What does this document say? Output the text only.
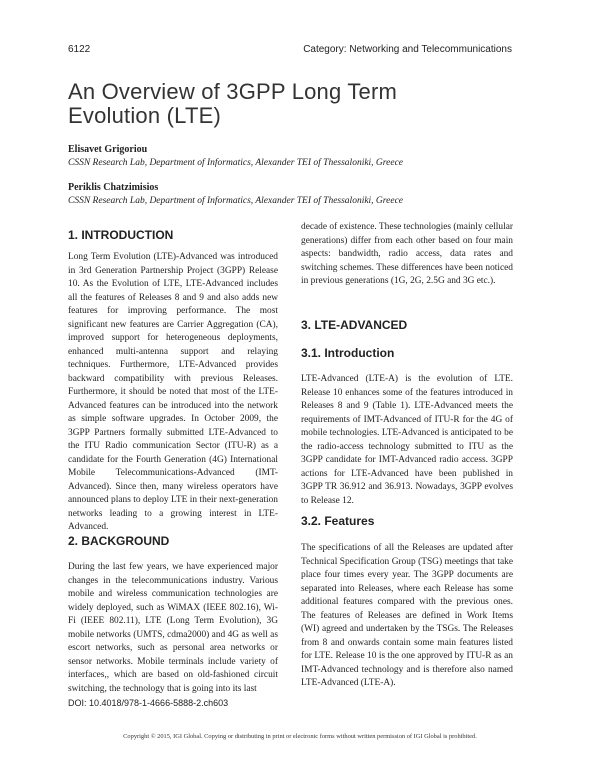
6122	Category: Networking and Telecommunications
An Overview of 3GPP Long Term Evolution (LTE)
Elisavet Grigoriou
CSSN Research Lab, Department of Informatics, Alexander TEI of Thessaloniki, Greece
Periklis Chatzimisios
CSSN Research Lab, Department of Informatics, Alexander TEI of Thessaloniki, Greece
1. INTRODUCTION
Long Term Evolution (LTE)-Advanced was introduced in 3rd Generation Partnership Project (3GPP) Release 10. As the Evolution of LTE, LTE-Advanced includes all the features of Releases 8 and 9 and also adds new features for improving performance. The most significant new features are Carrier Aggregation (CA), improved support for heterogeneous deployments, enhanced multi-antenna support and relaying techniques. Furthermore, LTE-Advanced provides backward compatibility with previous Releases. Furthermore, it should be noted that most of the LTE-Advanced features can be introduced into the network as simple software upgrades. In October 2009, the 3GPP Partners formally submitted LTE-Advanced to the ITU Radio communication Sector (ITU-R) as a candidate for the Fourth Generation (4G) International Mobile Telecommunications-Advanced (IMT-Advanced). Since then, many wireless operators have announced plans to deploy LTE in their next-generation networks leading to a growing interest in LTE-Advanced.
2. BACKGROUND
During the last few years, we have experienced major changes in the telecommunications industry. Various mobile and wireless communication technologies are widely deployed, such as WiMAX (IEEE 802.16), Wi-Fi (IEEE 802.11), LTE (Long Term Evolution), 3G mobile networks (UMTS, cdma2000) and 4G as well as escort networks, such as personal area networks or sensor networks. Mobile terminals include variety of interfaces,, which are based on old-fashioned circuit switching, the technology that is going into its last
decade of existence. These technologies (mainly cellular generations) differ from each other based on four main aspects: bandwidth, radio access, data rates and switching schemes. These differences have been noticed in previous generations (1G, 2G, 2.5G and 3G etc.).
3. LTE-ADVANCED
3.1. Introduction
LTE-Advanced (LTE-A) is the evolution of LTE. Release 10 enhances some of the features introduced in Releases 8 and 9 (Table 1). LTE-Advanced meets the requirements of IMT-Advanced of ITU-R for the 4G of mobile technologies. LTE-Advanced is anticipated to be the radio-access technology submitted to ITU as the 3GPP candidate for IMT-Advanced radio access. 3GPP actions for LTE-Advanced have been published in 3GPP TR 36.912 and 36.913. Nowadays, 3GPP evolves to Release 12.
3.2. Features
The specifications of all the Releases are updated after Technical Specification Group (TSG) meetings that take place four times every year. The 3GPP documents are separated into Releases, where each Release has some additional features compared with the previous ones. The features of Releases are defined in Work Items (WI) agreed and undertaken by the TSGs. The Releases from 8 and onwards contain some main features listed for LTE. Release 10 is the one approved by ITU-R as an IMT-Advanced technology and is therefore also named LTE-Advanced (LTE-A).
DOI: 10.4018/978-1-4666-5888-2.ch603
Copyright © 2015, IGI Global. Copying or distributing in print or electronic forms without written permission of IGI Global is prohibited.
